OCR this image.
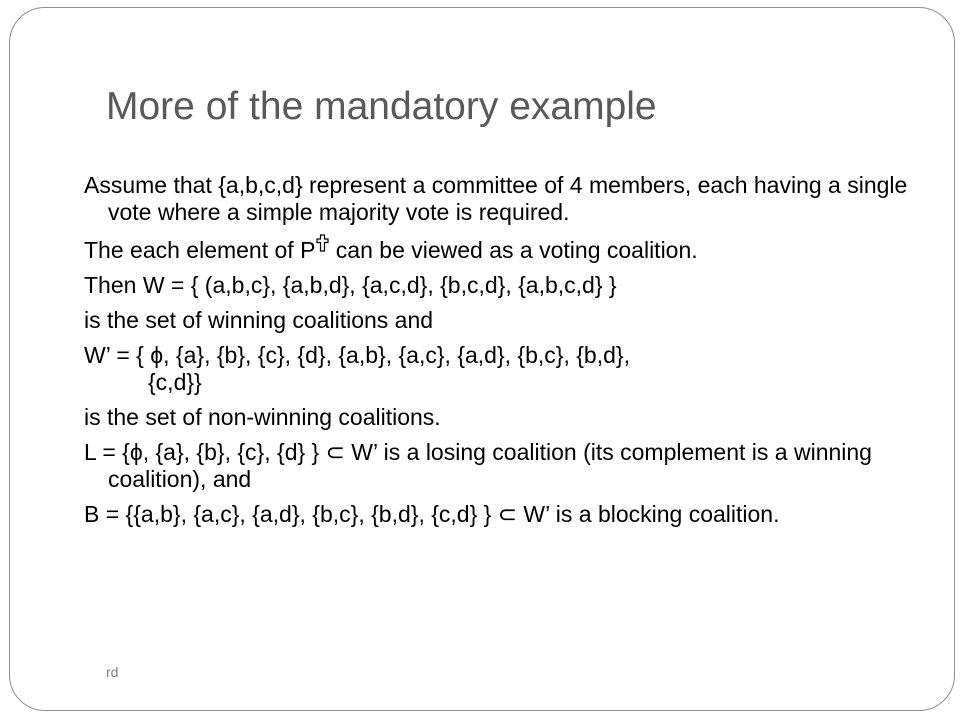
More of the mandatory example

Assume that {a,b,c,d} represent a committee of 4 members, each having a single vote where a simple majority vote is required.

The each element of P can be viewed as a voting coalition.

Then W = { (a,b,c}, {a,b,d}, {a,c,d}, {b,c,d}, {a,b,c,d} }

is the set of winning coalitions and

W’ = { ϕ, {a}, {b}, {c}, {d}, {a,b}, {a,c}, {a,d}, {b,c}, {b,d},
{c,d}}

is the set of non-winning coalitions.

L = {ϕ, {a}, {b}, {c}, {d} } ⊂ W’ is a losing coalition (its complement is a winning coalition), and

B = {{a,b}, {a,c}, {a,d}, {b,c}, {b,d}, {c,d} } ⊂ W’ is a blocking coalition.

rd
